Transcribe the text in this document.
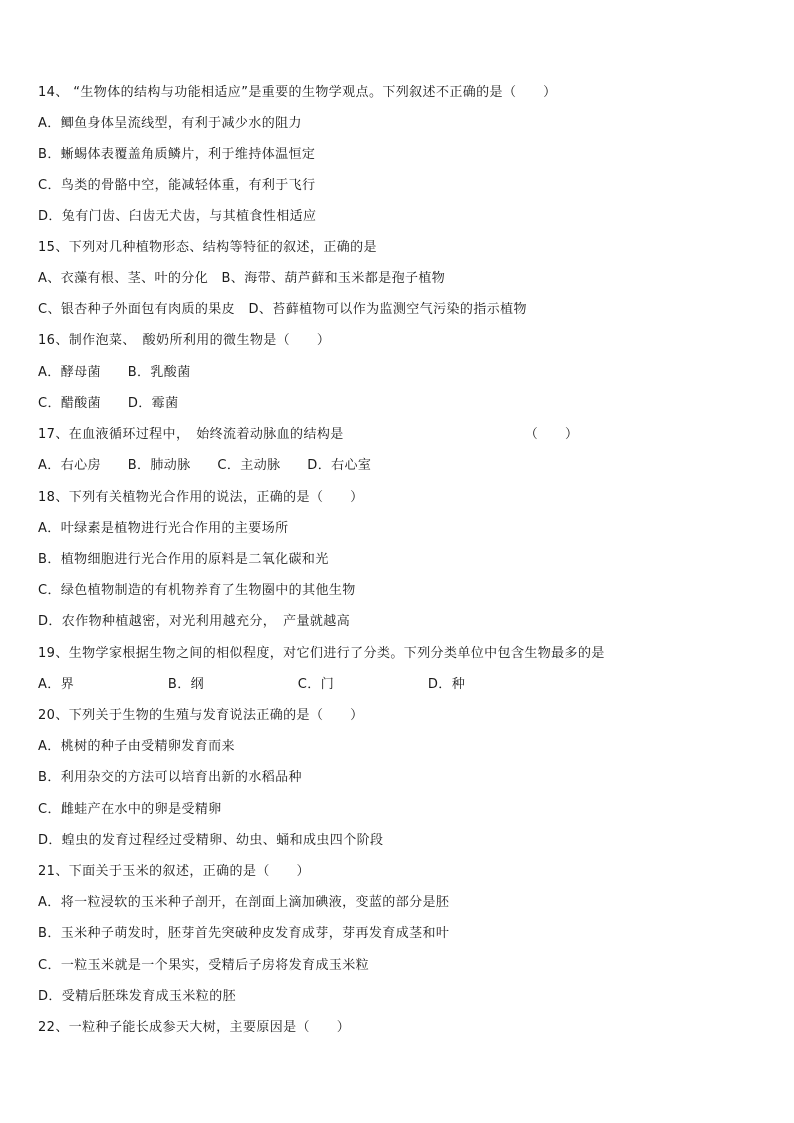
14、 “生物体的结构与功能相适应”是重要的生物学观点。下列叙述不正确的是（　　）
A．鲫鱼身体呈流线型，有利于减少水的阻力
B．蜥蜴体表覆盖角质鳞片，利于维持体温恒定
C．鸟类的骨骼中空，能减轻体重，有利于飞行
D．兔有门齿、臼齿无犬齿，与其植食性相适应
15、下列对几种植物形态、结构等特征的叙述，正确的是
A、衣藻有根、茎、叶的分化　B、海带、葫芦藓和玉米都是孢子植物
C、银杏种子外面包有肉质的果皮　D、苔藓植物可以作为监测空气污染的指示植物
16、制作泡菜、　酸奶所利用的微生物是（　　）
A．酵母菌　　B．乳酸菌
C．醋酸菌　　D．霉菌
17、在血液循环过程中，　始终流着动脉血的结构是　　　　　　　　　　　　　　（　　）
A．右心房　　B．肺动脉　　C．主动脉　　D．右心室
18、下列有关植物光合作用的说法，正确的是（　　）
A．叶绿素是植物进行光合作用的主要场所
B．植物细胞进行光合作用的原料是二氧化碳和光
C．绿色植物制造的有机物养育了生物圈中的其他生物
D．农作物种植越密，对光利用越充分，　产量就越高
19、生物学家根据生物之间的相似程度，对它们进行了分类。下列分类单位中包含生物最多的是
A．界　　　　　　　B．纲　　　　　　　C．门　　　　　　　D．种
20、下列关于生物的生殖与发育说法正确的是（　　）
A．桃树的种子由受精卵发育而来
B．利用杂交的方法可以培育出新的水稻品种
C．雌蛙产在水中的卵是受精卵
D．蝗虫的发育过程经过受精卵、幼虫、蛹和成虫四个阶段
21、下面关于玉米的叙述，正确的是（　　）
A．将一粒浸软的玉米种子剖开，在剖面上滴加碘液，变蓝的部分是胚
B．玉米种子萌发时，胚芽首先突破种皮发育成芽，芽再发育成茎和叶
C．一粒玉米就是一个果实，受精后子房将发育成玉米粒
D．受精后胚珠发育成玉米粒的胚
22、一粒种子能长成参天大树，主要原因是（　　）
